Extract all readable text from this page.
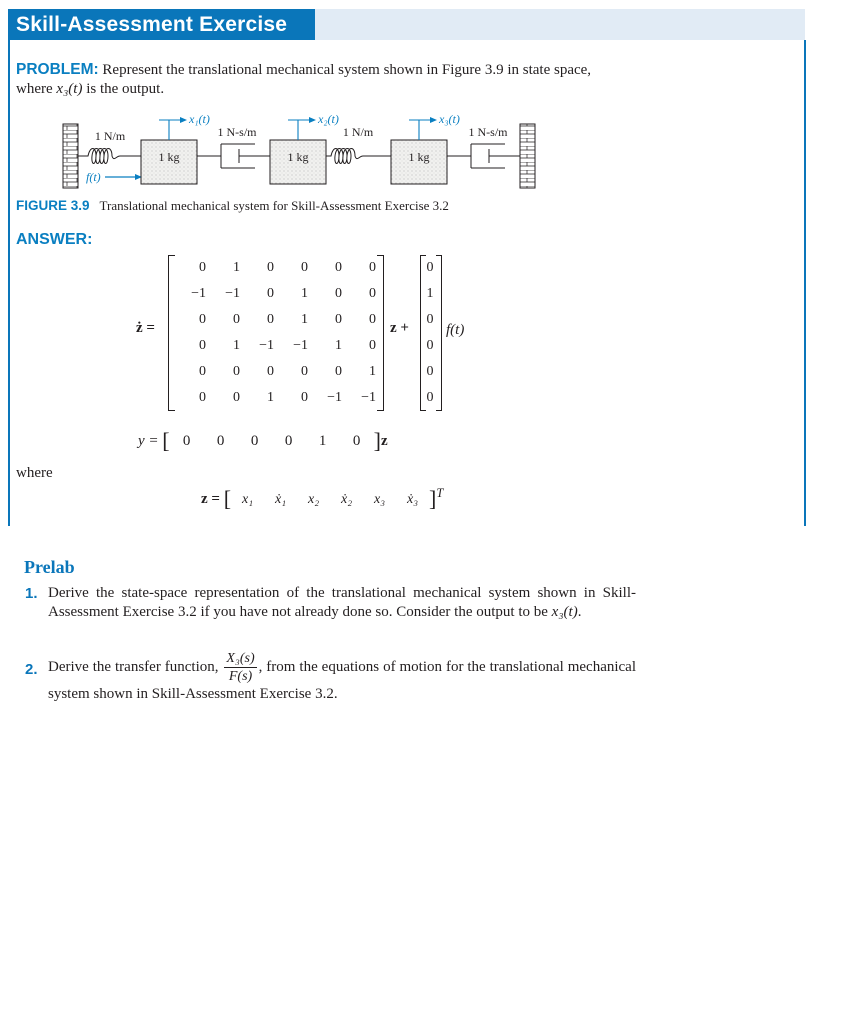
Skill-Assessment Exercise 3.2
PROBLEM: Represent the translational mechanical system shown in Figure 3.9 in state space, where x₃(t) is the output.
1 N/m
f(t)
1 kg
x₁(t)
1 N-s/m
1 kg
x₂(t)
1 N/m
1 kg
x₃(t)
1 N-s/m
FIGURE 3.9 Translational mechanical system for Skill-Assessment Exercise 3.2
ANSWER:
ż =
0	1	0	0	0	0
−1	−1	0	1	0	0
0	0	0	1	0	0
0	1	−1	−1	1	0
0	0	0	0	0	1
0	0	1	0	−1	−1
z +
0
1
0
0
0
0
f(t)
y = [ 0 0 0 0 1 0 ]z
where
z = [ x₁ ẋ₁ x₂ ẋ₂ x₃ ẋ₃ ]$^T$
Prelab
1. Derive the state-space representation of the translational mechanical system shown in Skill-Assessment Exercise 3.2 if you have not already done so. Consider the output to be x₃(t).
2. Derive the transfer function, $\frac{\text{X₃(s)}}{F(s)}$ , from the equations of motion for the translational mechanical system shown in Skill-Assessment Exercise 3.2.
